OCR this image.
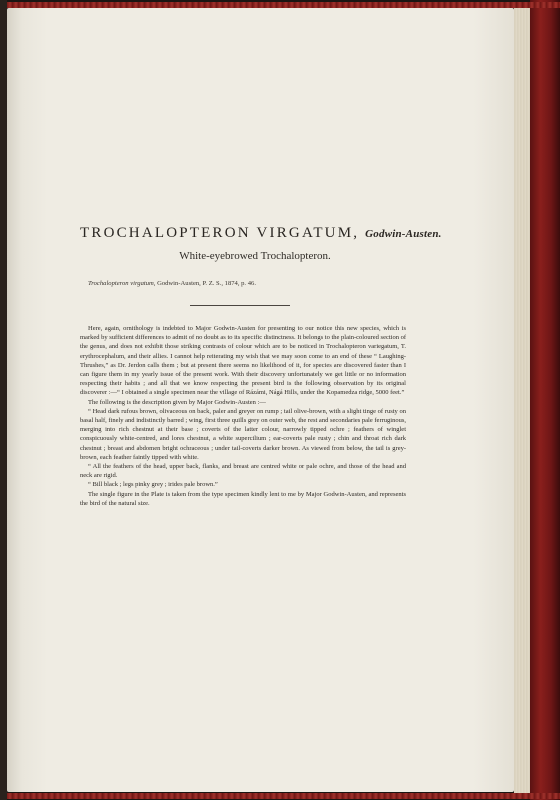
TROCHALOPTERON VIRGATUM, Godwin-Austen.
White-eyebrowed Trochalopteron.
Trochalopteron virgatum, Godwin-Austen, P. Z. S., 1874, p. 46.

Here, again, ornithology is indebted to Major Godwin-Austen for presenting to our notice this new species, which is marked by sufficient differences to admit of no doubt as to its specific distinctness. It belongs to the plain-coloured section of the genus, and does not exhibit those striking contrasts of colour which are to be noticed in Trochalopteron variegatum, T. erythrocephalum, and their allies. I cannot help reiterating my wish that we may soon come to an end of these “ Laughing-Thrushes,” as Dr. Jerdon calls them ; but at present there seems no likelihood of it, for species are discovered faster than I can figure them in my yearly issue of the present work. With their discovery unfortunately we get little or no information respecting their habits ; and all that we know respecting the present bird is the following observation by its original discoverer :—“ I obtained a single specimen near the village of Rázámi, Nágá Hills, under the Kopamedza ridge, 5000 feet.”

The following is the description given by Major Godwin-Austen :—

“ Head dark rufous brown, olivaceous on back, paler and greyer on rump ; tail olive-brown, with a slight tinge of rusty on basal half, finely and indistinctly barred ; wing, first three quills grey on outer web, the rest and secondaries pale ferruginous, merging into rich chestnut at their base ; coverts of the latter colour, narrowly tipped ochre ; feathers of winglet conspicuously white-centred, and lores chestnut, a white supercilium ; ear-coverts pale rusty ; chin and throat rich dark chestnut ; breast and abdomen bright ochraceous ; under tail-coverts darker brown. As viewed from below, the tail is grey-brown, each feather faintly tipped with white.

“ All the feathers of the head, upper back, flanks, and breast are centred white or pale ochre, and those of the head and neck are rigid.

“ Bill black ; legs pinky grey ; irides pale brown.”

The single figure in the Plate is taken from the type specimen kindly lent to me by Major Godwin-Austen, and represents the bird of the natural size.
